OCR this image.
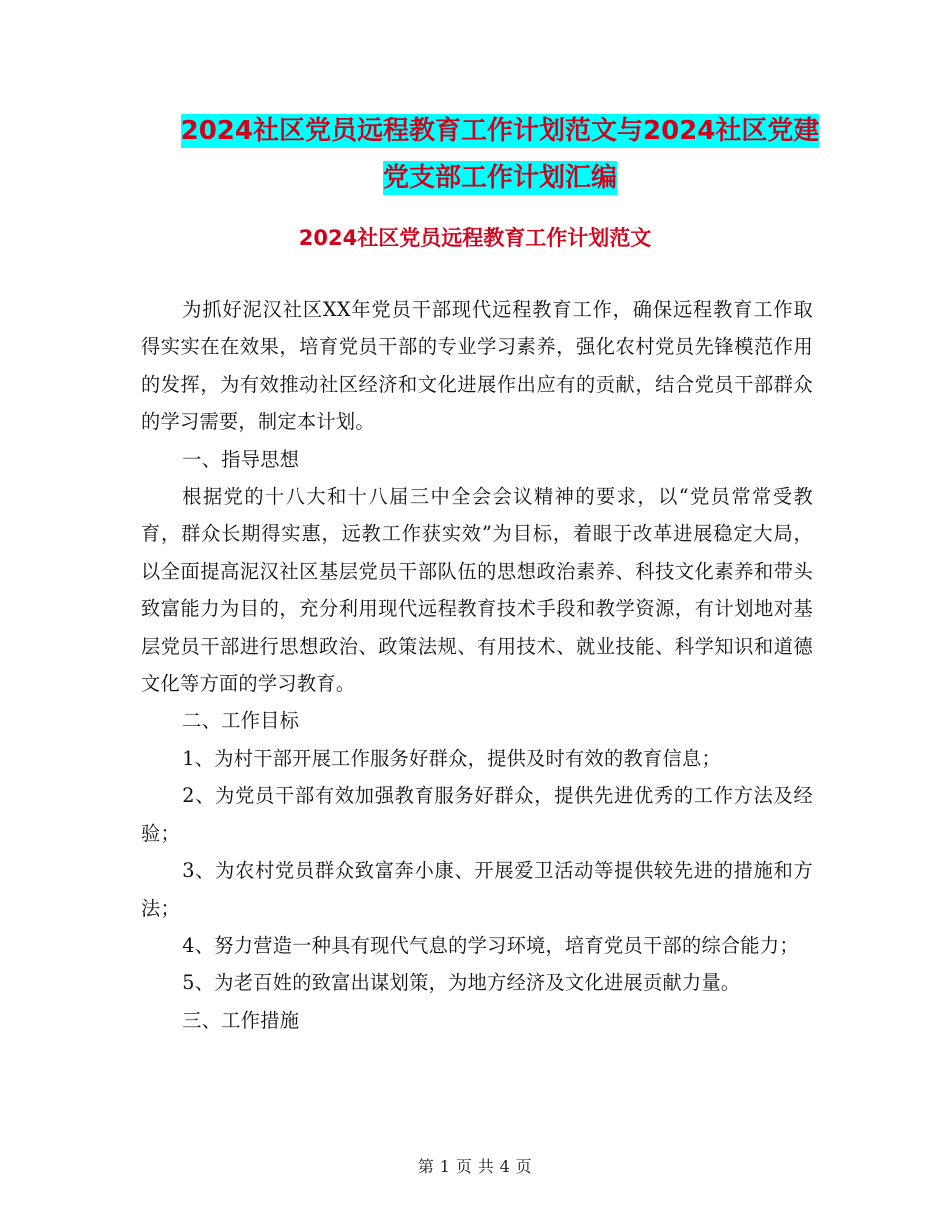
2024社区党员远程教育工作计划范文与2024社区党建
党支部工作计划汇编
2024社区党员远程教育工作计划范文

为抓好泥汉社区XX年党员干部现代远程教育工作，确保远程教育工作取得实实在在效果，培育党员干部的专业学习素养，强化农村党员先锋模范作用的发挥，为有效推动社区经济和文化进展作出应有的贡献，结合党员干部群众的学习需要，制定本计划。

一、指导思想

根据党的十八大和十八届三中全会会议精神的要求，以“党员常常受教育，群众长期得实惠，远教工作获实效”为目标，着眼于改革进展稳定大局，以全面提高泥汉社区基层党员干部队伍的思想政治素养、科技文化素养和带头致富能力为目的，充分利用现代远程教育技术手段和教学资源，有计划地对基层党员干部进行思想政治、政策法规、有用技术、就业技能、科学知识和道德文化等方面的学习教育。

二、工作目标

1、为村干部开展工作服务好群众，提供及时有效的教育信息；

2、为党员干部有效加强教育服务好群众，提供先进优秀的工作方法及经验；

3、为农村党员群众致富奔小康、开展爱卫活动等提供较先进的措施和方法；

4、努力营造一种具有现代气息的学习环境，培育党员干部的综合能力；

5、为老百姓的致富出谋划策，为地方经济及文化进展贡献力量。

三、工作措施

第 1 页 共 4 页
